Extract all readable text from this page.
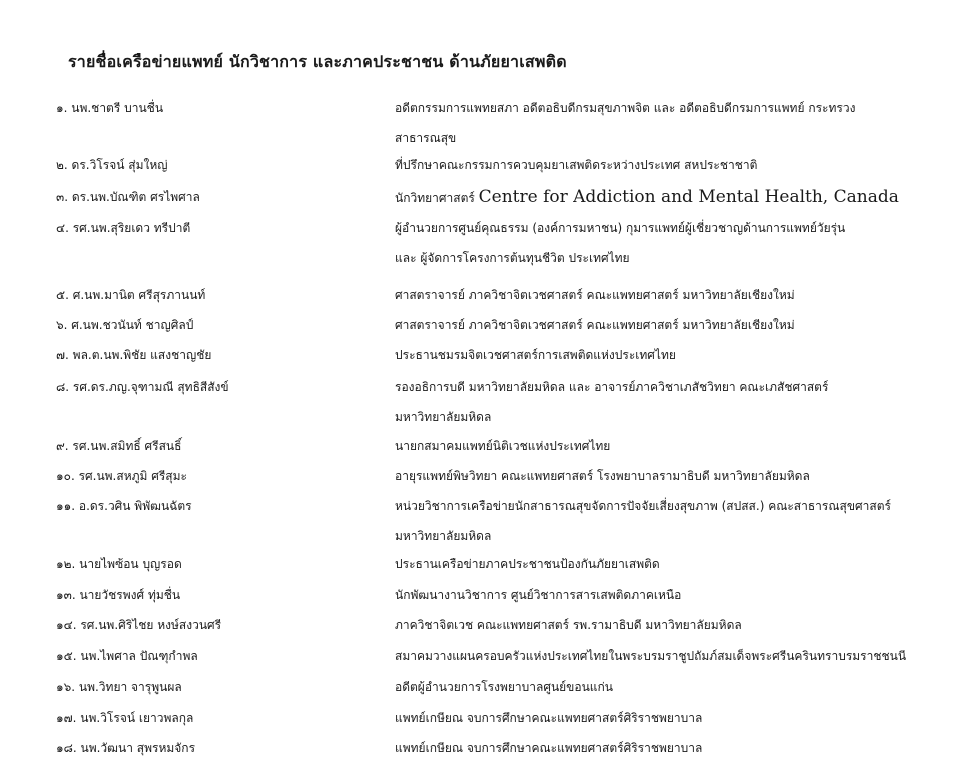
รายชื่อเครือข่ายแพทย์ นักวิชาการ และภาคประชาชน ด้านภัยยาเสพติด
๑. นพ.ชาตรี บานชื่น	อดีตกรรมการแพทยสภา อดีตอธิบดีกรมสุขภาพจิต และ อดีตอธิบดีกรมการแพทย์ กระทรวง
สาธารณสุข
๒. ดร.วิโรจน์ สุ่มใหญ่	ที่ปรึกษาคณะกรรมการควบคุมยาเสพติดระหว่างประเทศ สหประชาชาติ
๓. ดร.นพ.บัณฑิต ศรไพศาล	นักวิทยาศาสตร์ Centre for Addiction and Mental Health, Canada
๔. รศ.นพ.สุริยเดว ทรีปาตี	ผู้อำนวยการศูนย์คุณธรรม (องค์การมหาชน) กุมารแพทย์ผู้เชี่ยวชาญด้านการแพทย์วัยรุ่น
และ ผู้จัดการโครงการต้นทุนชีวิต ประเทศไทย
๕. ศ.นพ.มานิต ศรีสุรภานนท์	ศาสตราจารย์ ภาควิชาจิตเวชศาสตร์ คณะแพทยศาสตร์ มหาวิทยาลัยเชียงใหม่
๖. ศ.นพ.ชวนันท์ ชาญศิลป์	ศาสตราจารย์ ภาควิชาจิตเวชศาสตร์ คณะแพทยศาสตร์ มหาวิทยาลัยเชียงใหม่
๗. พล.ต.นพ.พิชัย แสงชาญชัย	ประธานชมรมจิตเวชศาสตร์การเสพติดแห่งประเทศไทย
๘. รศ.ดร.ภญ.จุฑามณี สุทธิสีสังข์	รองอธิการบดี มหาวิทยาลัยมหิดล และ อาจารย์ภาควิชาเภสัชวิทยา คณะเภสัชศาสตร์
มหาวิทยาลัยมหิดล
๙. รศ.นพ.สมิทธิ์ ศรีสนธิ์	นายกสมาคมแพทย์นิติเวชแห่งประเทศไทย
๑๐. รศ.นพ.สหภูมิ ศรีสุมะ	อายุรแพทย์พิษวิทยา คณะแพทยศาสตร์ โรงพยาบาลรามาธิบดี มหาวิทยาลัยมหิดล
๑๑. อ.ดร.วศิน พิพัฒนฉัตร	หน่วยวิชาการเครือข่ายนักสาธารณสุขจัดการปัจจัยเสี่ยงสุขภาพ (สปสส.) คณะสาธารณสุขศาสตร์
มหาวิทยาลัยมหิดล
๑๒. นายไพซ้อน บุญรอด	ประธานเครือข่ายภาคประชาชนป้องกันภัยยาเสพติด
๑๓. นายวัชรพงศ์ ทุ่มชื่น	นักพัฒนางานวิชาการ ศูนย์วิชาการสารเสพติดภาคเหนือ
๑๔. รศ.นพ.ศิริไชย หงษ์สงวนศรี	ภาควิชาจิตเวช คณะแพทยศาสตร์ รพ.รามาธิบดี มหาวิทยาลัยมหิดล
๑๕. นพ.ไพศาล ปัณฑุกำพล	สมาคมวางแผนครอบครัวแห่งประเทศไทยในพระบรมราชูปถัมภ์สมเด็จพระศรีนครินทราบรมราชชนนี
๑๖. นพ.วิทยา จารุพูนผล	อดีตผู้อำนวยการโรงพยาบาลศูนย์ขอนแก่น
๑๗. นพ.วิโรจน์ เยาวพลกุล	แพทย์เกษียณ จบการศึกษาคณะแพทยศาสตร์ศิริราชพยาบาล
๑๘. นพ.วัฒนา สุพรหมจักร	แพทย์เกษียณ จบการศึกษาคณะแพทยศาสตร์ศิริราชพยาบาล
